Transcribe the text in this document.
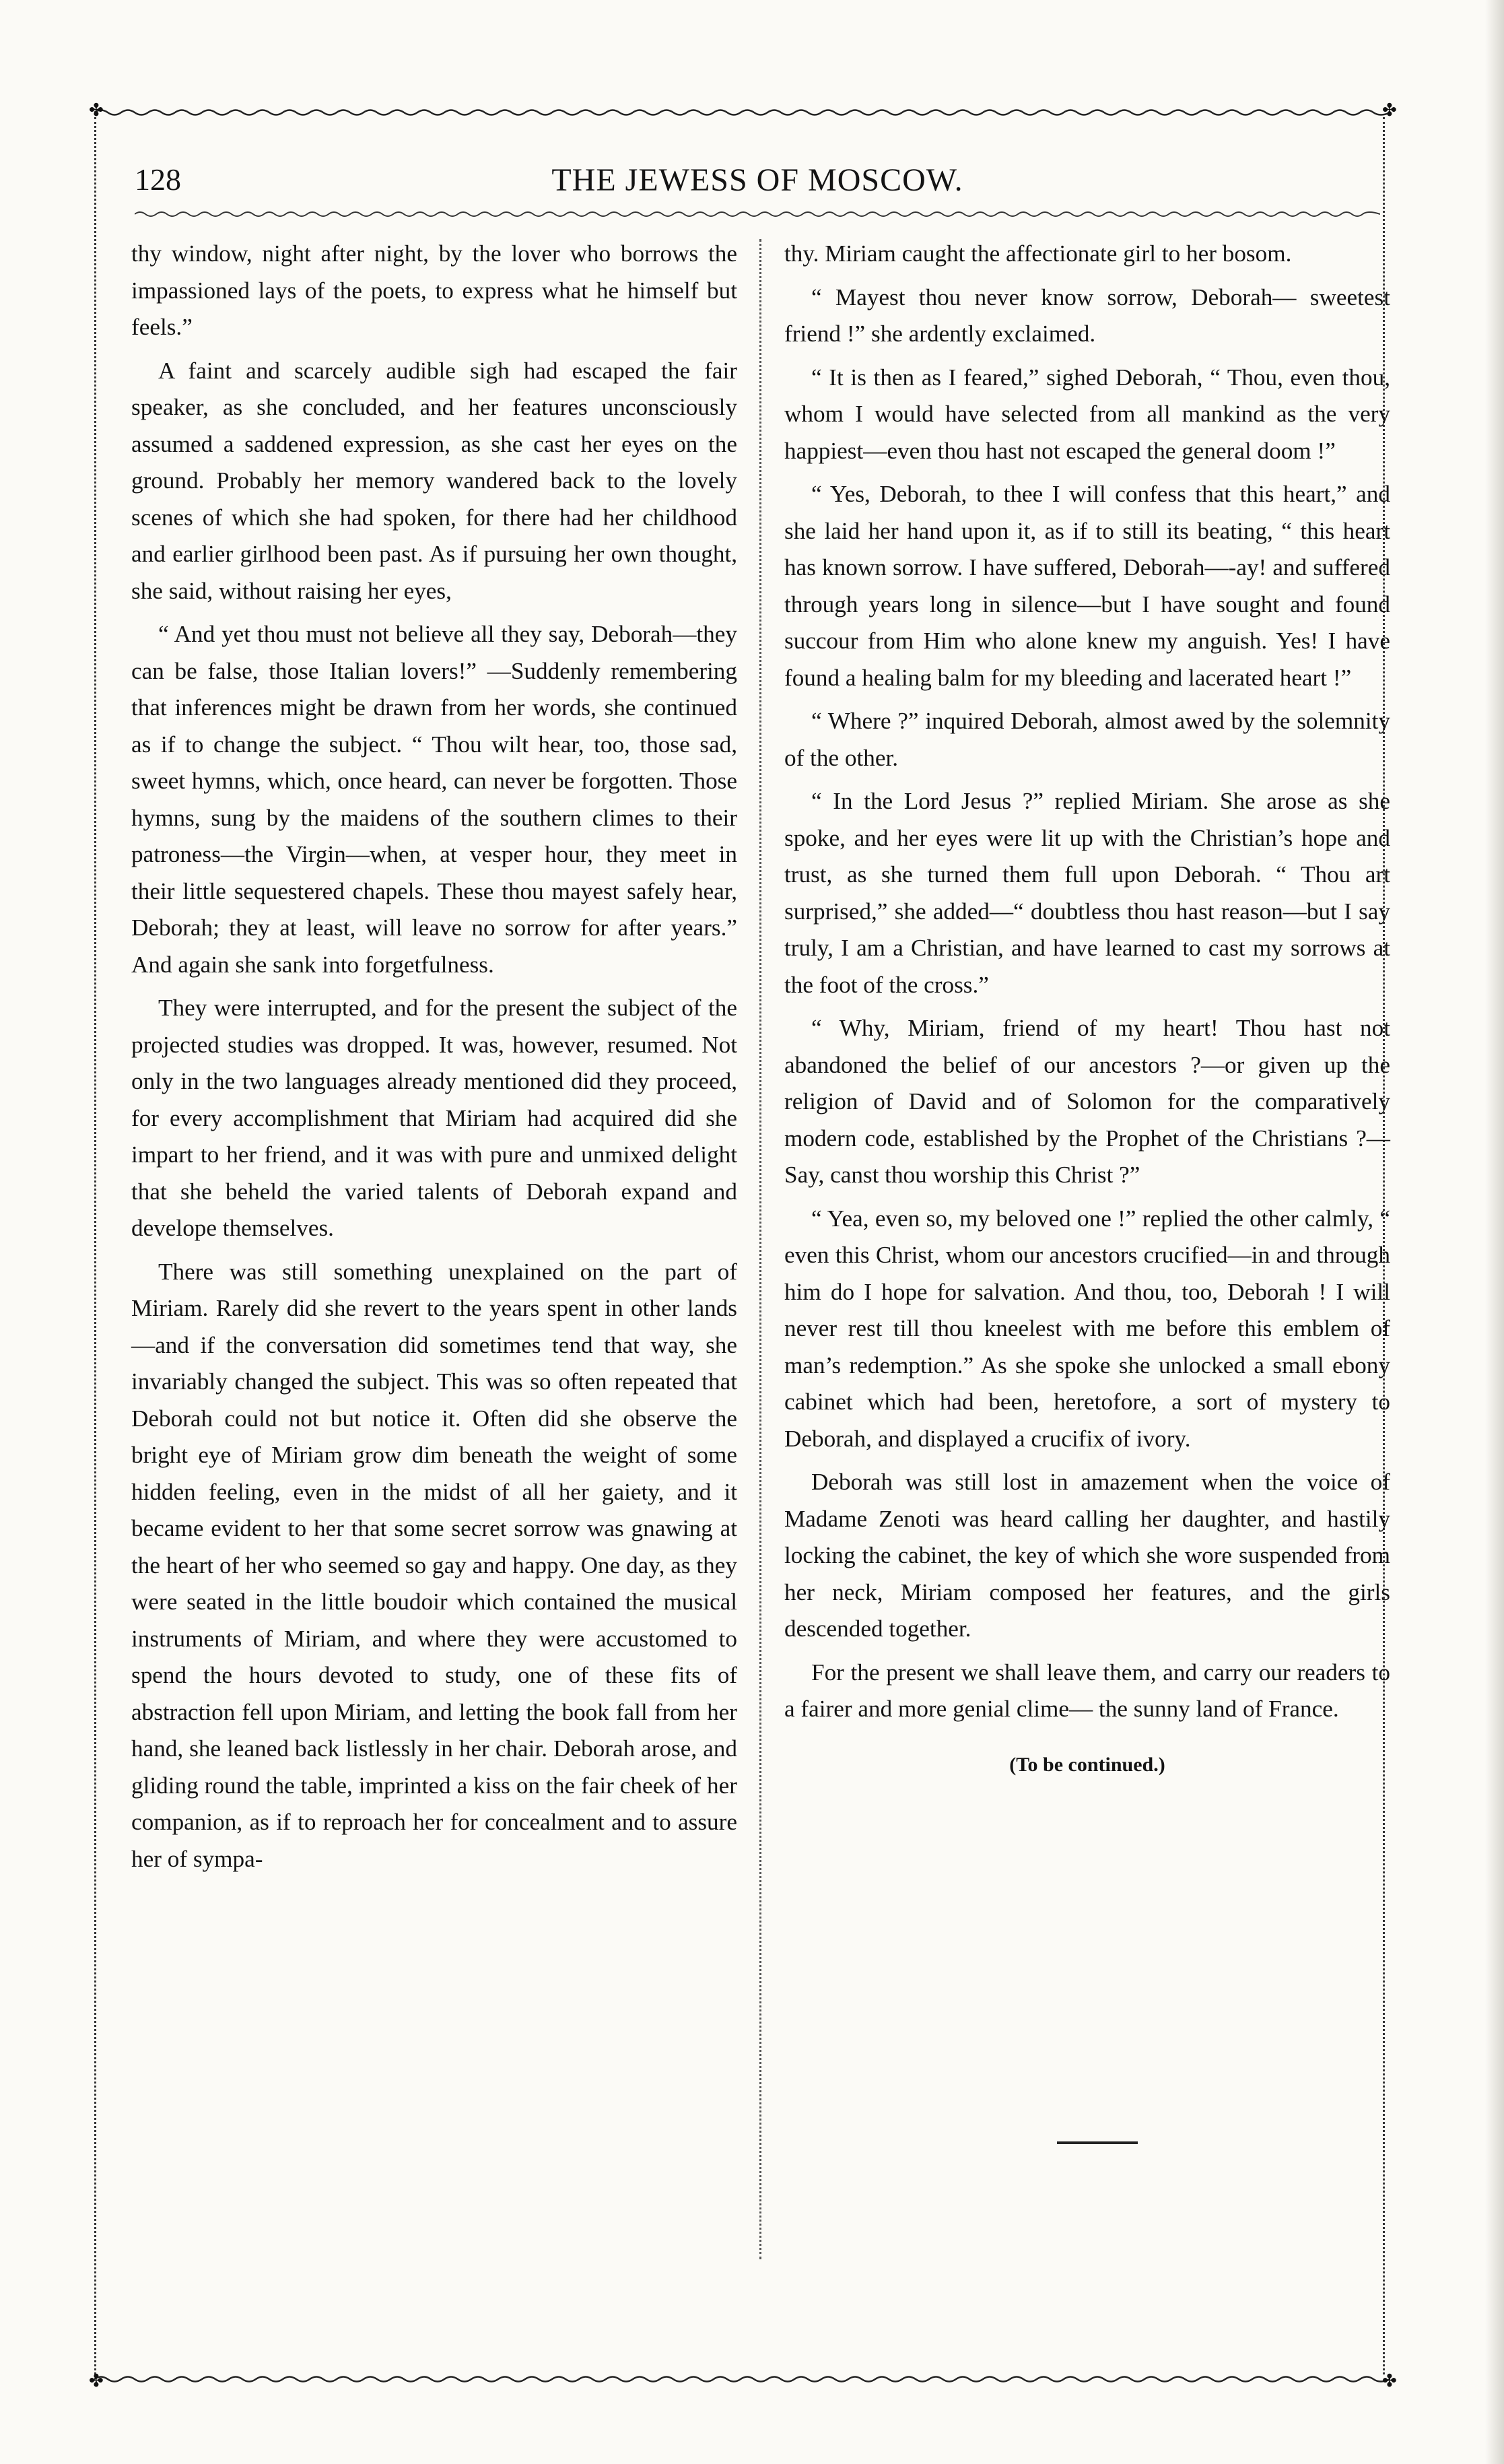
✤	✤
✤	✤
128	THE JEWESS OF MOSCOW.

thy window, night after night, by the lover who borrows the impassioned lays of the poets, to express what he himself but feels.”

A faint and scarcely audible sigh had escaped the fair speaker, as she concluded, and her features unconsciously assumed a saddened expression, as she cast her eyes on the ground. Probably her memory wandered back to the lovely scenes of which she had spoken, for there had her childhood and earlier girlhood been past. As if pursuing her own thought, she said, without raising her eyes,

“ And yet thou must not believe all they say, Deborah—they can be false, those Italian lovers!” —Suddenly remembering that inferences might be drawn from her words, she continued as if to change the subject. “ Thou wilt hear, too, those sad, sweet hymns, which, once heard, can never be forgotten. Those hymns, sung by the maidens of the southern climes to their patroness—the Virgin—when, at vesper hour, they meet in their little sequestered chapels. These thou mayest safely hear, Deborah; they at least, will leave no sorrow for after years.” And again she sank into forgetfulness.

They were interrupted, and for the present the subject of the projected studies was dropped. It was, however, resumed. Not only in the two languages already mentioned did they proceed, for every accomplishment that Miriam had acquired did she impart to her friend, and it was with pure and unmixed delight that she beheld the varied talents of Deborah expand and develope themselves.

There was still something unexplained on the part of Miriam. Rarely did she revert to the years spent in other lands—and if the conversation did sometimes tend that way, she invariably changed the subject. This was so often repeated that Deborah could not but notice it. Often did she observe the bright eye of Miriam grow dim beneath the weight of some hidden feeling, even in the midst of all her gaiety, and it became evident to her that some secret sorrow was gnawing at the heart of her who seemed so gay and happy. One day, as they were seated in the little boudoir which contained the musical instruments of Miriam, and where they were accustomed to spend the hours devoted to study, one of these fits of abstraction fell upon Miriam, and letting the book fall from her hand, she leaned back listlessly in her chair. Deborah arose, and gliding round the table, imprinted a kiss on the fair cheek of her companion, as if to reproach her for concealment and to assure her of sympa-

thy. Miriam caught the affectionate girl to her bosom.

“ Mayest thou never know sorrow, Deborah— sweetest friend !” she ardently exclaimed.

“ It is then as I feared,” sighed Deborah, “ Thou, even thou, whom I would have selected from all mankind as the very happiest—even thou hast not escaped the general doom !”

“ Yes, Deborah, to thee I will confess that this heart,” and she laid her hand upon it, as if to still its beating, “ this heart has known sorrow. I have suffered, Deborah—-ay! and suffered through years long in silence—but I have sought and found succour from Him who alone knew my anguish. Yes! I have found a healing balm for my bleeding and lacerated heart !”

“ Where ?” inquired Deborah, almost awed by the solemnity of the other.

“ In the Lord Jesus ?” replied Miriam. She arose as she spoke, and her eyes were lit up with the Christian’s hope and trust, as she turned them full upon Deborah. “ Thou art surprised,” she added—“ doubtless thou hast reason—but I say truly, I am a Christian, and have learned to cast my sorrows at the foot of the cross.”

“ Why, Miriam, friend of my heart! Thou hast not abandoned the belief of our ancestors ?—or given up the religion of David and of Solomon for the comparatively modern code, established by the Prophet of the Christians ?— Say, canst thou worship this Christ ?”

“ Yea, even so, my beloved one !” replied the other calmly, “ even this Christ, whom our ancestors crucified—in and through him do I hope for salvation. And thou, too, Deborah ! I will never rest till thou kneelest with me before this emblem of man’s redemption.” As she spoke she unlocked a small ebony cabinet which had been, heretofore, a sort of mystery to Deborah, and displayed a crucifix of ivory.

Deborah was still lost in amazement when the voice of Madame Zenoti was heard calling her daughter, and hastily locking the cabinet, the key of which she wore suspended from her neck, Miriam composed her features, and the girls descended together.

For the present we shall leave them, and carry our readers to a fairer and more genial clime— the sunny land of France.

(To be continued.)
